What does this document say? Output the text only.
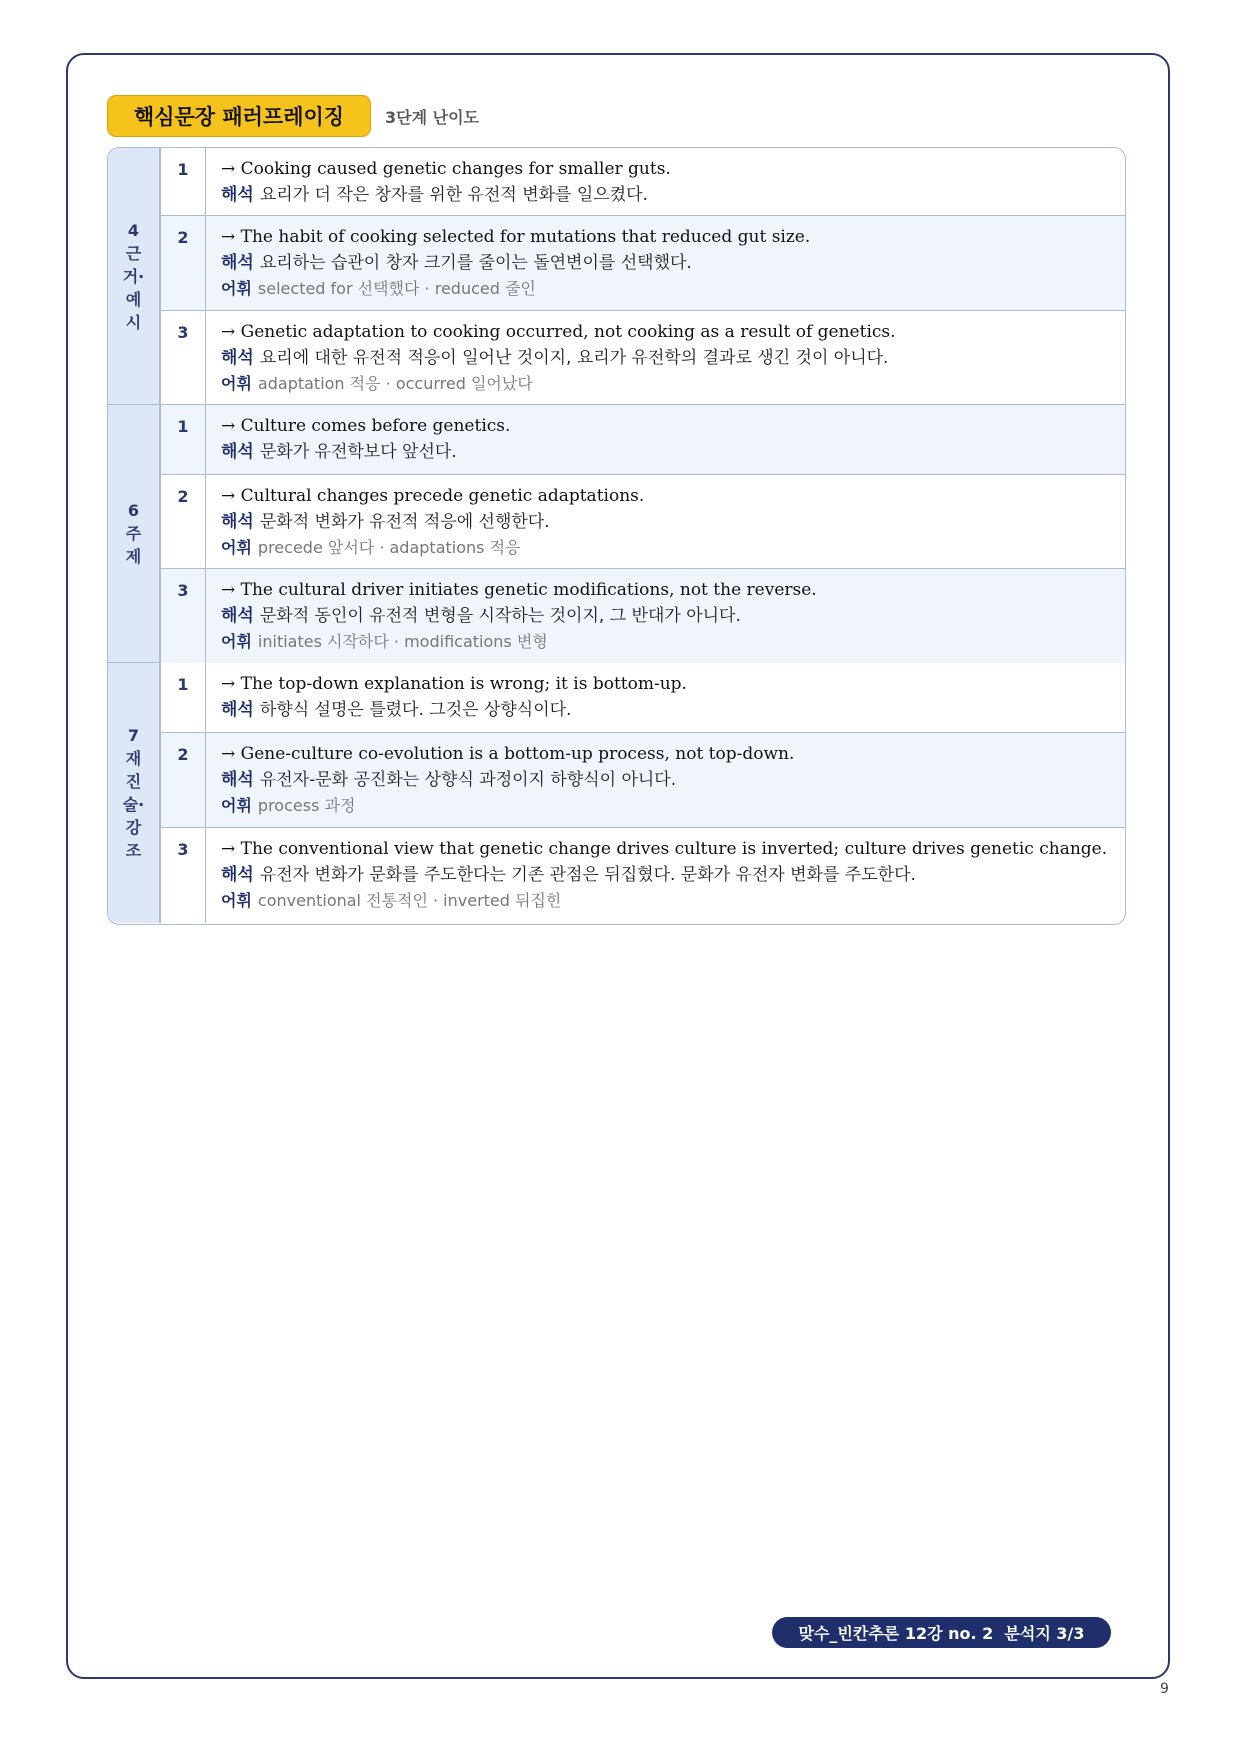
핵심문장 패러프레이징	3단계 난이도
4
근
거·
예
시
1	→ Cooking caused genetic changes for smaller guts.
해석 요리가 더 작은 창자를 위한 유전적 변화를 일으켰다.
2	→ The habit of cooking selected for mutations that reduced gut size.
해석 요리하는 습관이 창자 크기를 줄이는 돌연변이를 선택했다.
어휘 selected for 선택했다 · reduced 줄인
3	→ Genetic adaptation to cooking occurred, not cooking as a result of genetics.
해석 요리에 대한 유전적 적응이 일어난 것이지, 요리가 유전학의 결과로 생긴 것이 아니다.
어휘 adaptation 적응 · occurred 일어났다
6
주
제
1	→ Culture comes before genetics.
해석 문화가 유전학보다 앞선다.
2	→ Cultural changes precede genetic adaptations.
해석 문화적 변화가 유전적 적응에 선행한다.
어휘 precede 앞서다 · adaptations 적응
3	→ The cultural driver initiates genetic modifications, not the reverse.
해석 문화적 동인이 유전적 변형을 시작하는 것이지, 그 반대가 아니다.
어휘 initiates 시작하다 · modifications 변형
7
재
진
술·
강
조
1	→ The top-down explanation is wrong; it is bottom-up.
해석 하향식 설명은 틀렸다. 그것은 상향식이다.
2	→ Gene-culture co-evolution is a bottom-up process, not top-down.
해석 유전자-문화 공진화는 상향식 과정이지 하향식이 아니다.
어휘 process 과정
3	→ The conventional view that genetic change drives culture is inverted; culture drives genetic change.
해석 유전자 변화가 문화를 주도한다는 기존 관점은 뒤집혔다. 문화가 유전자 변화를 주도한다.
어휘 conventional 전통적인 · inverted 뒤집힌
맞수_빈칸추론 12강 no. 2  분석지 3/3
9
